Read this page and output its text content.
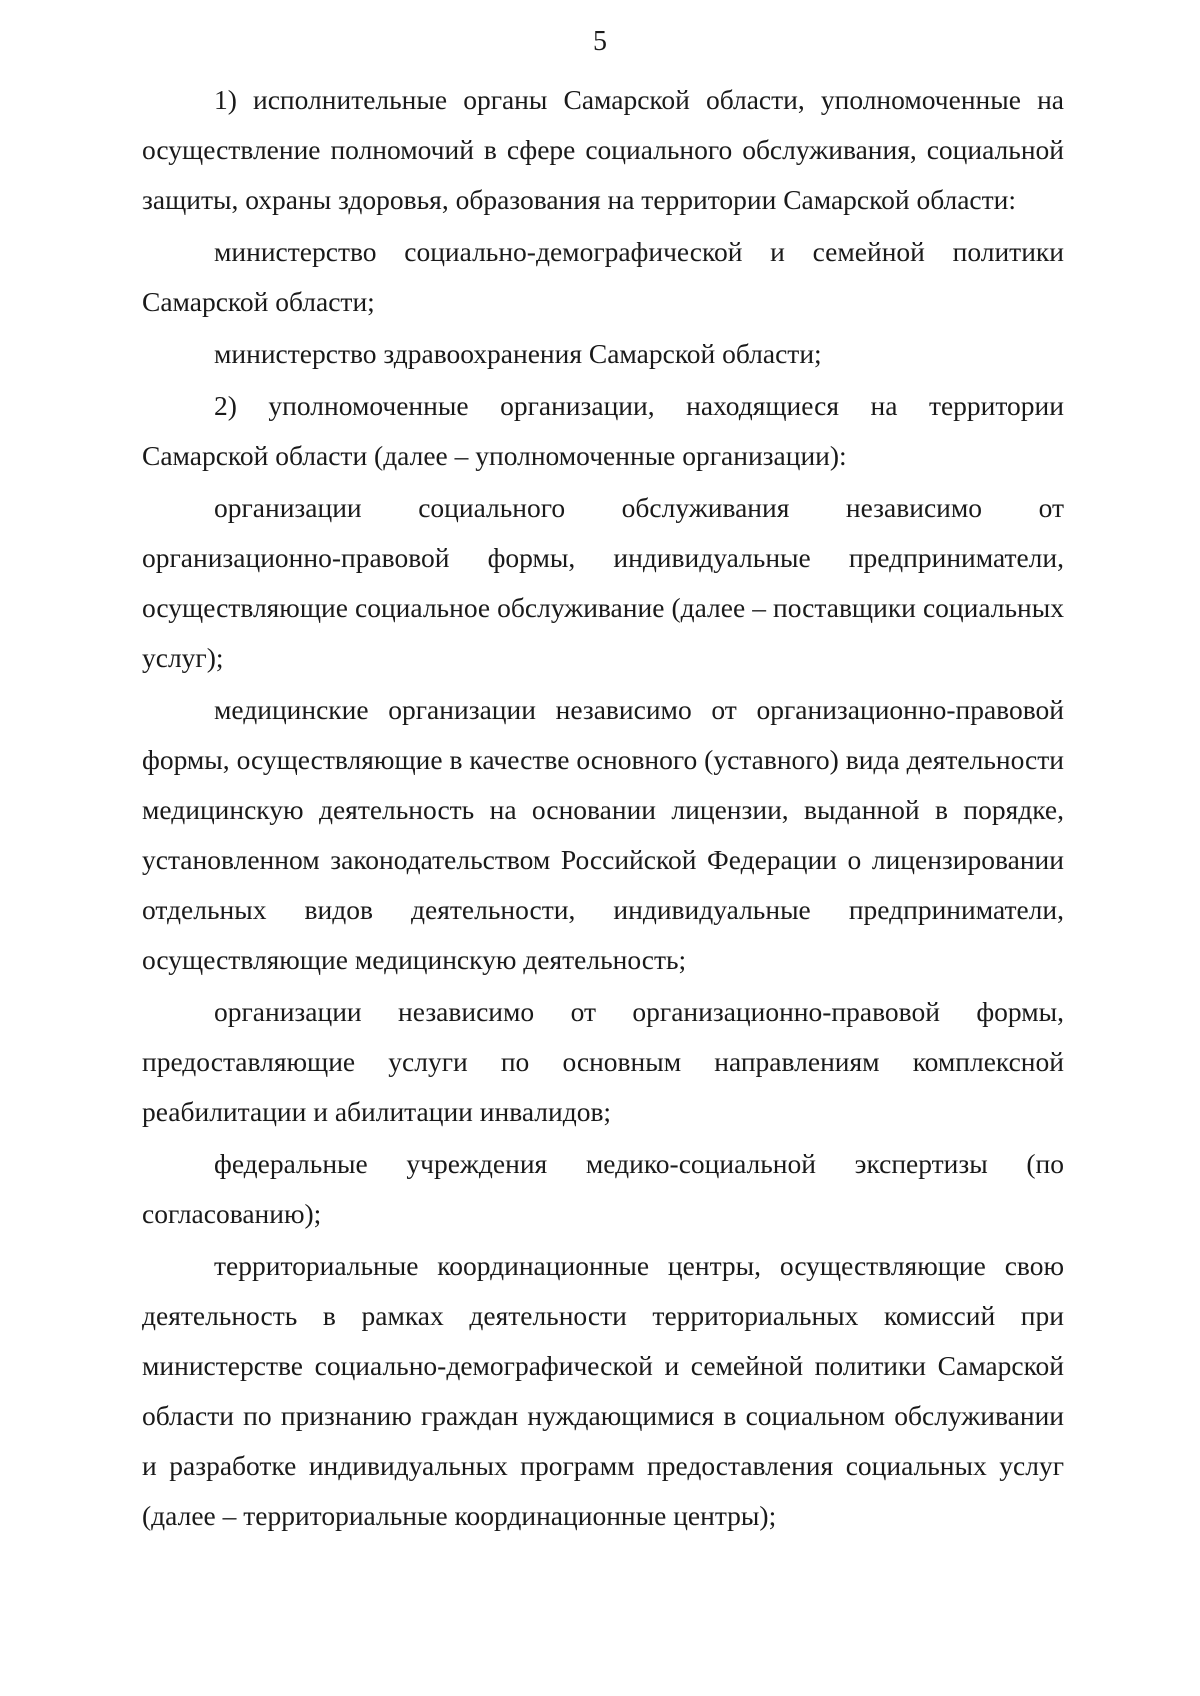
5

1) исполнительные органы Самарской области, уполномоченные на осуществление полномочий в сфере социального обслуживания, социальной защиты, охраны здоровья, образования на территории Самарской области:

министерство социально-демографической и семейной политики Самарской области;

министерство здравоохранения Самарской области;

2) уполномоченные организации, находящиеся на территории Самарской области (далее – уполномоченные организации):

организации социального обслуживания независимо от организационно-правовой формы, индивидуальные предприниматели, осуществляющие социальное обслуживание (далее – поставщики социальных услуг);

медицинские организации независимо от организационно-правовой формы, осуществляющие в качестве основного (уставного) вида деятельности медицинскую деятельность на основании лицензии, выданной в порядке, установленном законодательством Российской Федерации о лицензировании отдельных видов деятельности, индивидуальные предприниматели, осуществляющие медицинскую деятельность;

организации независимо от организационно-правовой формы, предоставляющие услуги по основным направлениям комплексной реабилитации и абилитации инвалидов;

федеральные учреждения медико-социальной экспертизы (по согласованию);

территориальные координационные центры, осуществляющие свою деятельность в рамках деятельности территориальных комиссий при министерстве социально-демографической и семейной политики Самарской области по признанию граждан нуждающимися в социальном обслуживании и разработке индивидуальных программ предоставления социальных услуг (далее – территориальные координационные центры);
